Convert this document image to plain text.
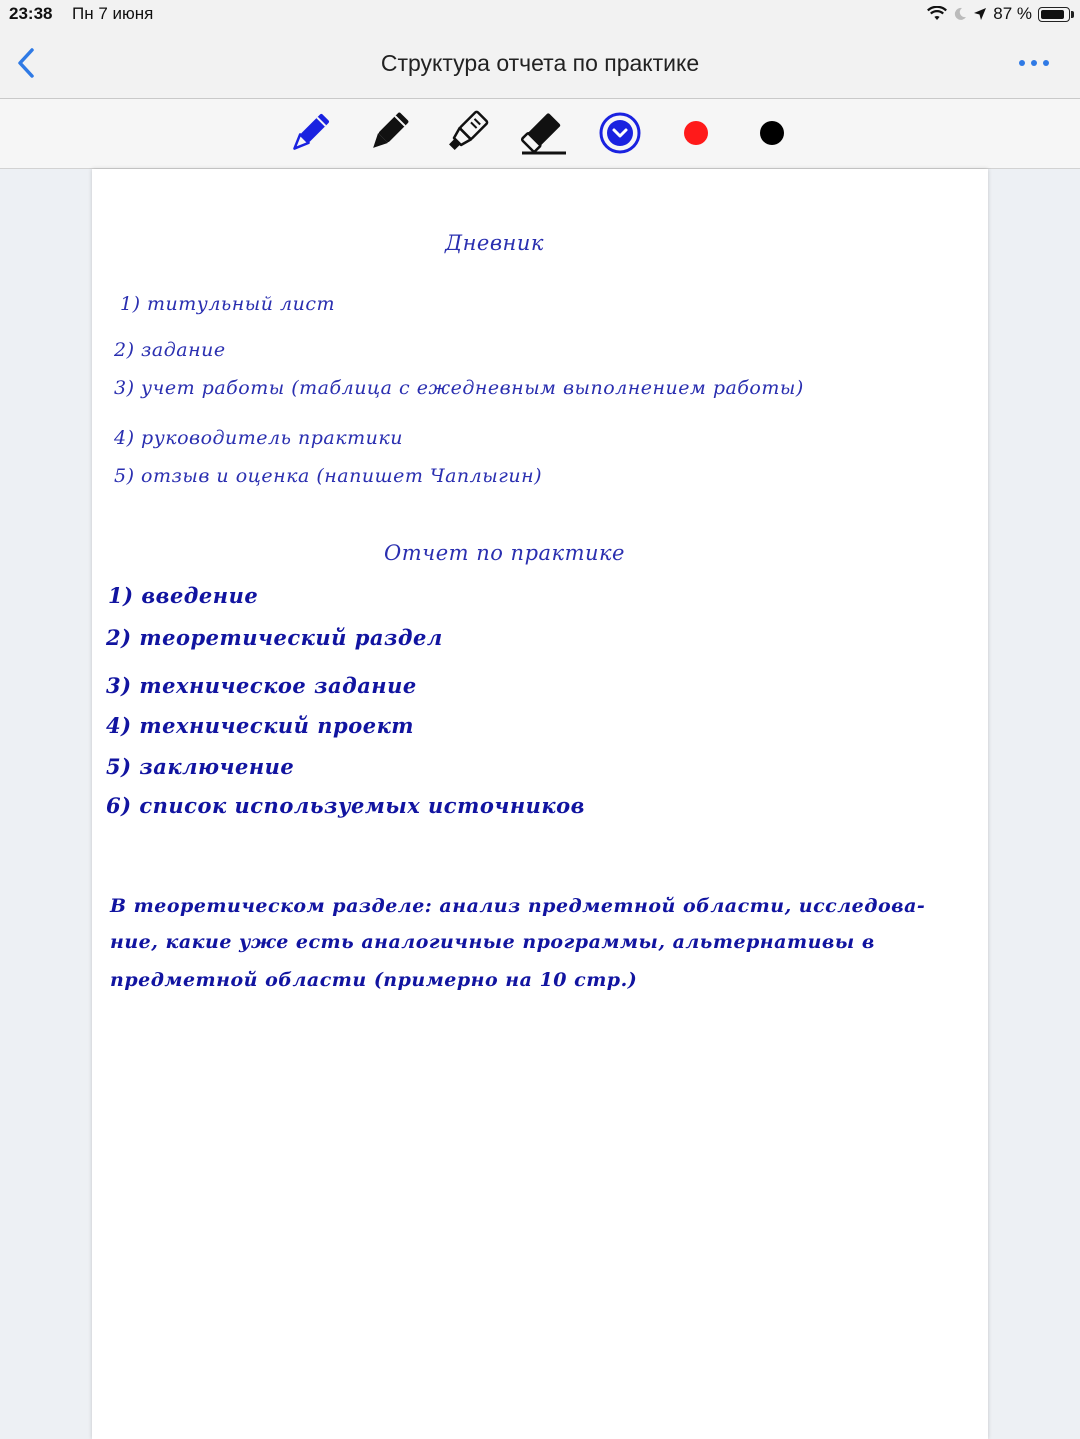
23:38 Пн 7 июня	87 %
Структура отчета по практике
Дневник
1) титульный лист
2) задание
3) учет работы (таблица с ежедневным выполнением работы)
4) руководитель практики
5) отзыв и оценка (напишет Чаплыгин)
Отчет по практике
1) введение
2) теоретический раздел
3) техническое задание
4) технический проект
5) заключение
6) список используемых источников
В теоретическом разделе: анализ предметной области, исследова-
ние, какие уже есть аналогичные программы, альтернативы в
предметной области (примерно на 10 стр.)
